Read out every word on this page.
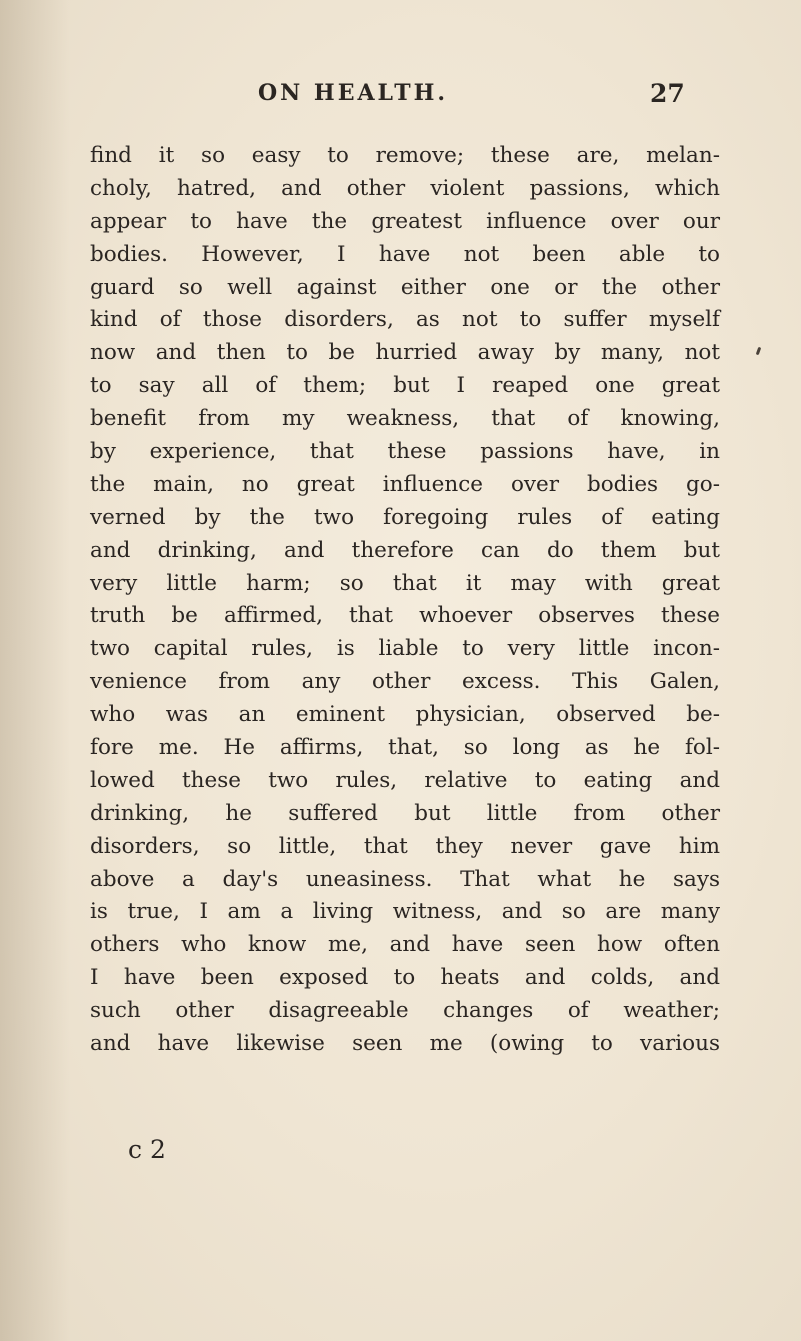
ON HEALTH.	27
find it so easy to remove; these are, melan-
choly, hatred, and other violent passions, which
appear to have the greatest influence over our
bodies. However, I have not been able to
guard so well against either one or the other
kind of those disorders, as not to suffer myself
now and then to be hurried away by many, not
to say all of them; but I reaped one great
benefit from my weakness, that of knowing,
by experience, that these passions have, in
the main, no great influence over bodies go-
verned by the two foregoing rules of eating
and drinking, and therefore can do them but
very little harm; so that it may with great
truth be affirmed, that whoever observes these
two capital rules, is liable to very little incon-
venience from any other excess. This Galen,
who was an eminent physician, observed be-
fore me. He affirms, that, so long as he fol-
lowed these two rules, relative to eating and
drinking, he suffered but little from other
disorders, so little, that they never gave him
above a day's uneasiness. That what he says
is true, I am a living witness, and so are many
others who know me, and have seen how often
I have been exposed to heats and colds, and
such other disagreeable changes of weather;
and have likewise seen me (owing to various
c 2
